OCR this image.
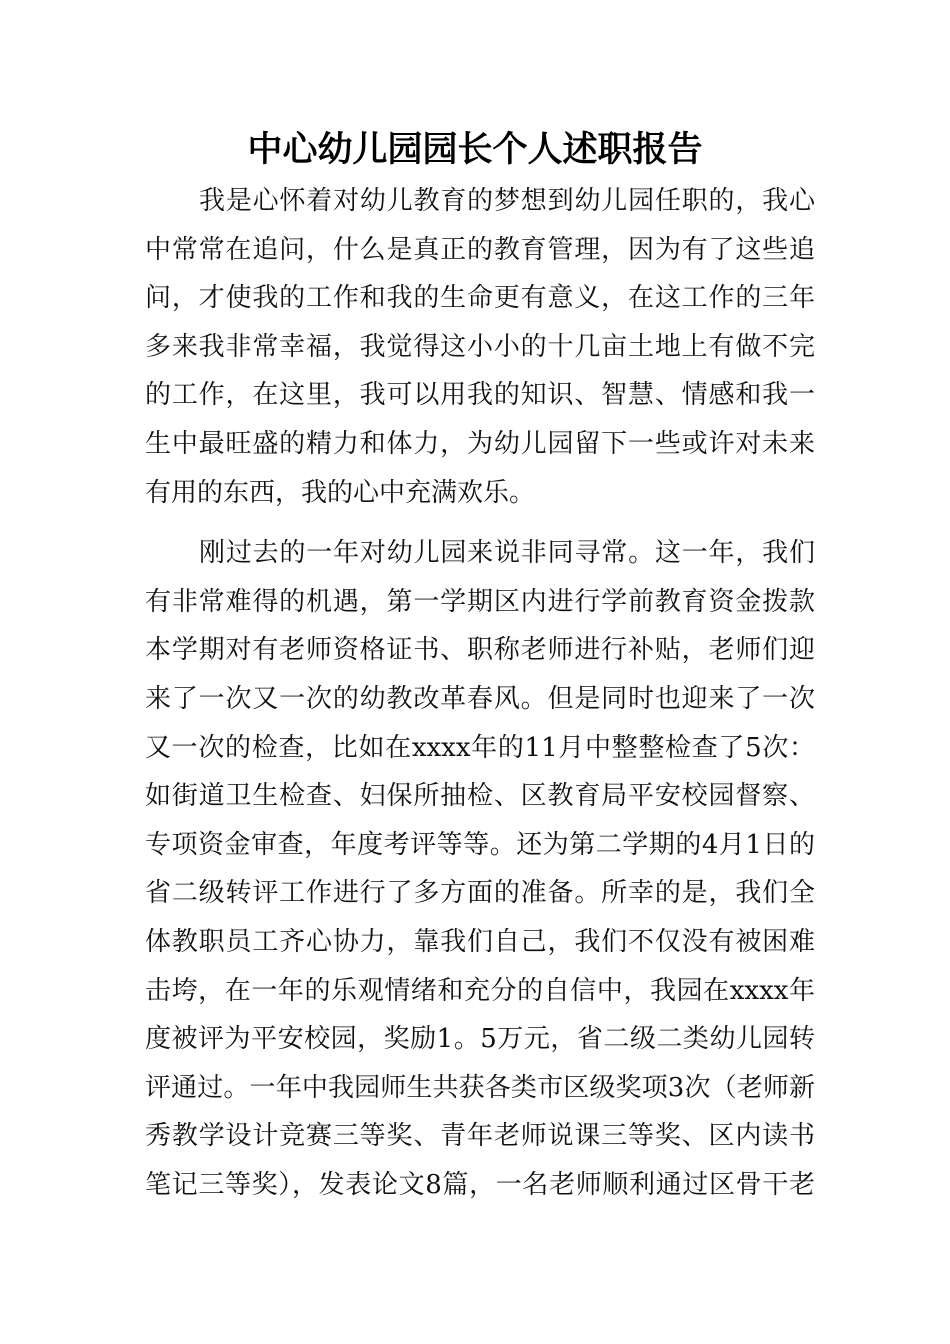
中心幼儿园园长个人述职报告
我是心怀着对幼儿教育的梦想到幼儿园任职的，我心
中常常在追问，什么是真正的教育管理，因为有了这些追
问，才使我的工作和我的生命更有意义，在这工作的三年
多来我非常幸福，我觉得这小小的十几亩土地上有做不完
的工作，在这里，我可以用我的知识、智慧、情感和我一
生中最旺盛的精力和体力，为幼儿园留下一些或许对未来
有用的东西，我的心中充满欢乐。
刚过去的一年对幼儿园来说非同寻常。这一年，我们
有非常难得的机遇，第一学期区内进行学前教育资金拨款
本学期对有老师资格证书、职称老师进行补贴，老师们迎
来了一次又一次的幼教改革春风。但是同时也迎来了一次
又一次的检查，比如在xxxx年的11月中整整检查了5次：
如街道卫生检查、妇保所抽检、区教育局平安校园督察、
专项资金审查，年度考评等等。还为第二学期的4月1日的
省二级转评工作进行了多方面的准备。所幸的是，我们全
体教职员工齐心协力，靠我们自己，我们不仅没有被困难
击垮，在一年的乐观情绪和充分的自信中，我园在xxxx年
度被评为平安校园，奖励1。5万元，省二级二类幼儿园转
评通过。一年中我园师生共获各类市区级奖项3次（老师新
秀教学设计竞赛三等奖、青年老师说课三等奖、区内读书
笔记三等奖），发表论文8篇，一名老师顺利通过区骨干老
